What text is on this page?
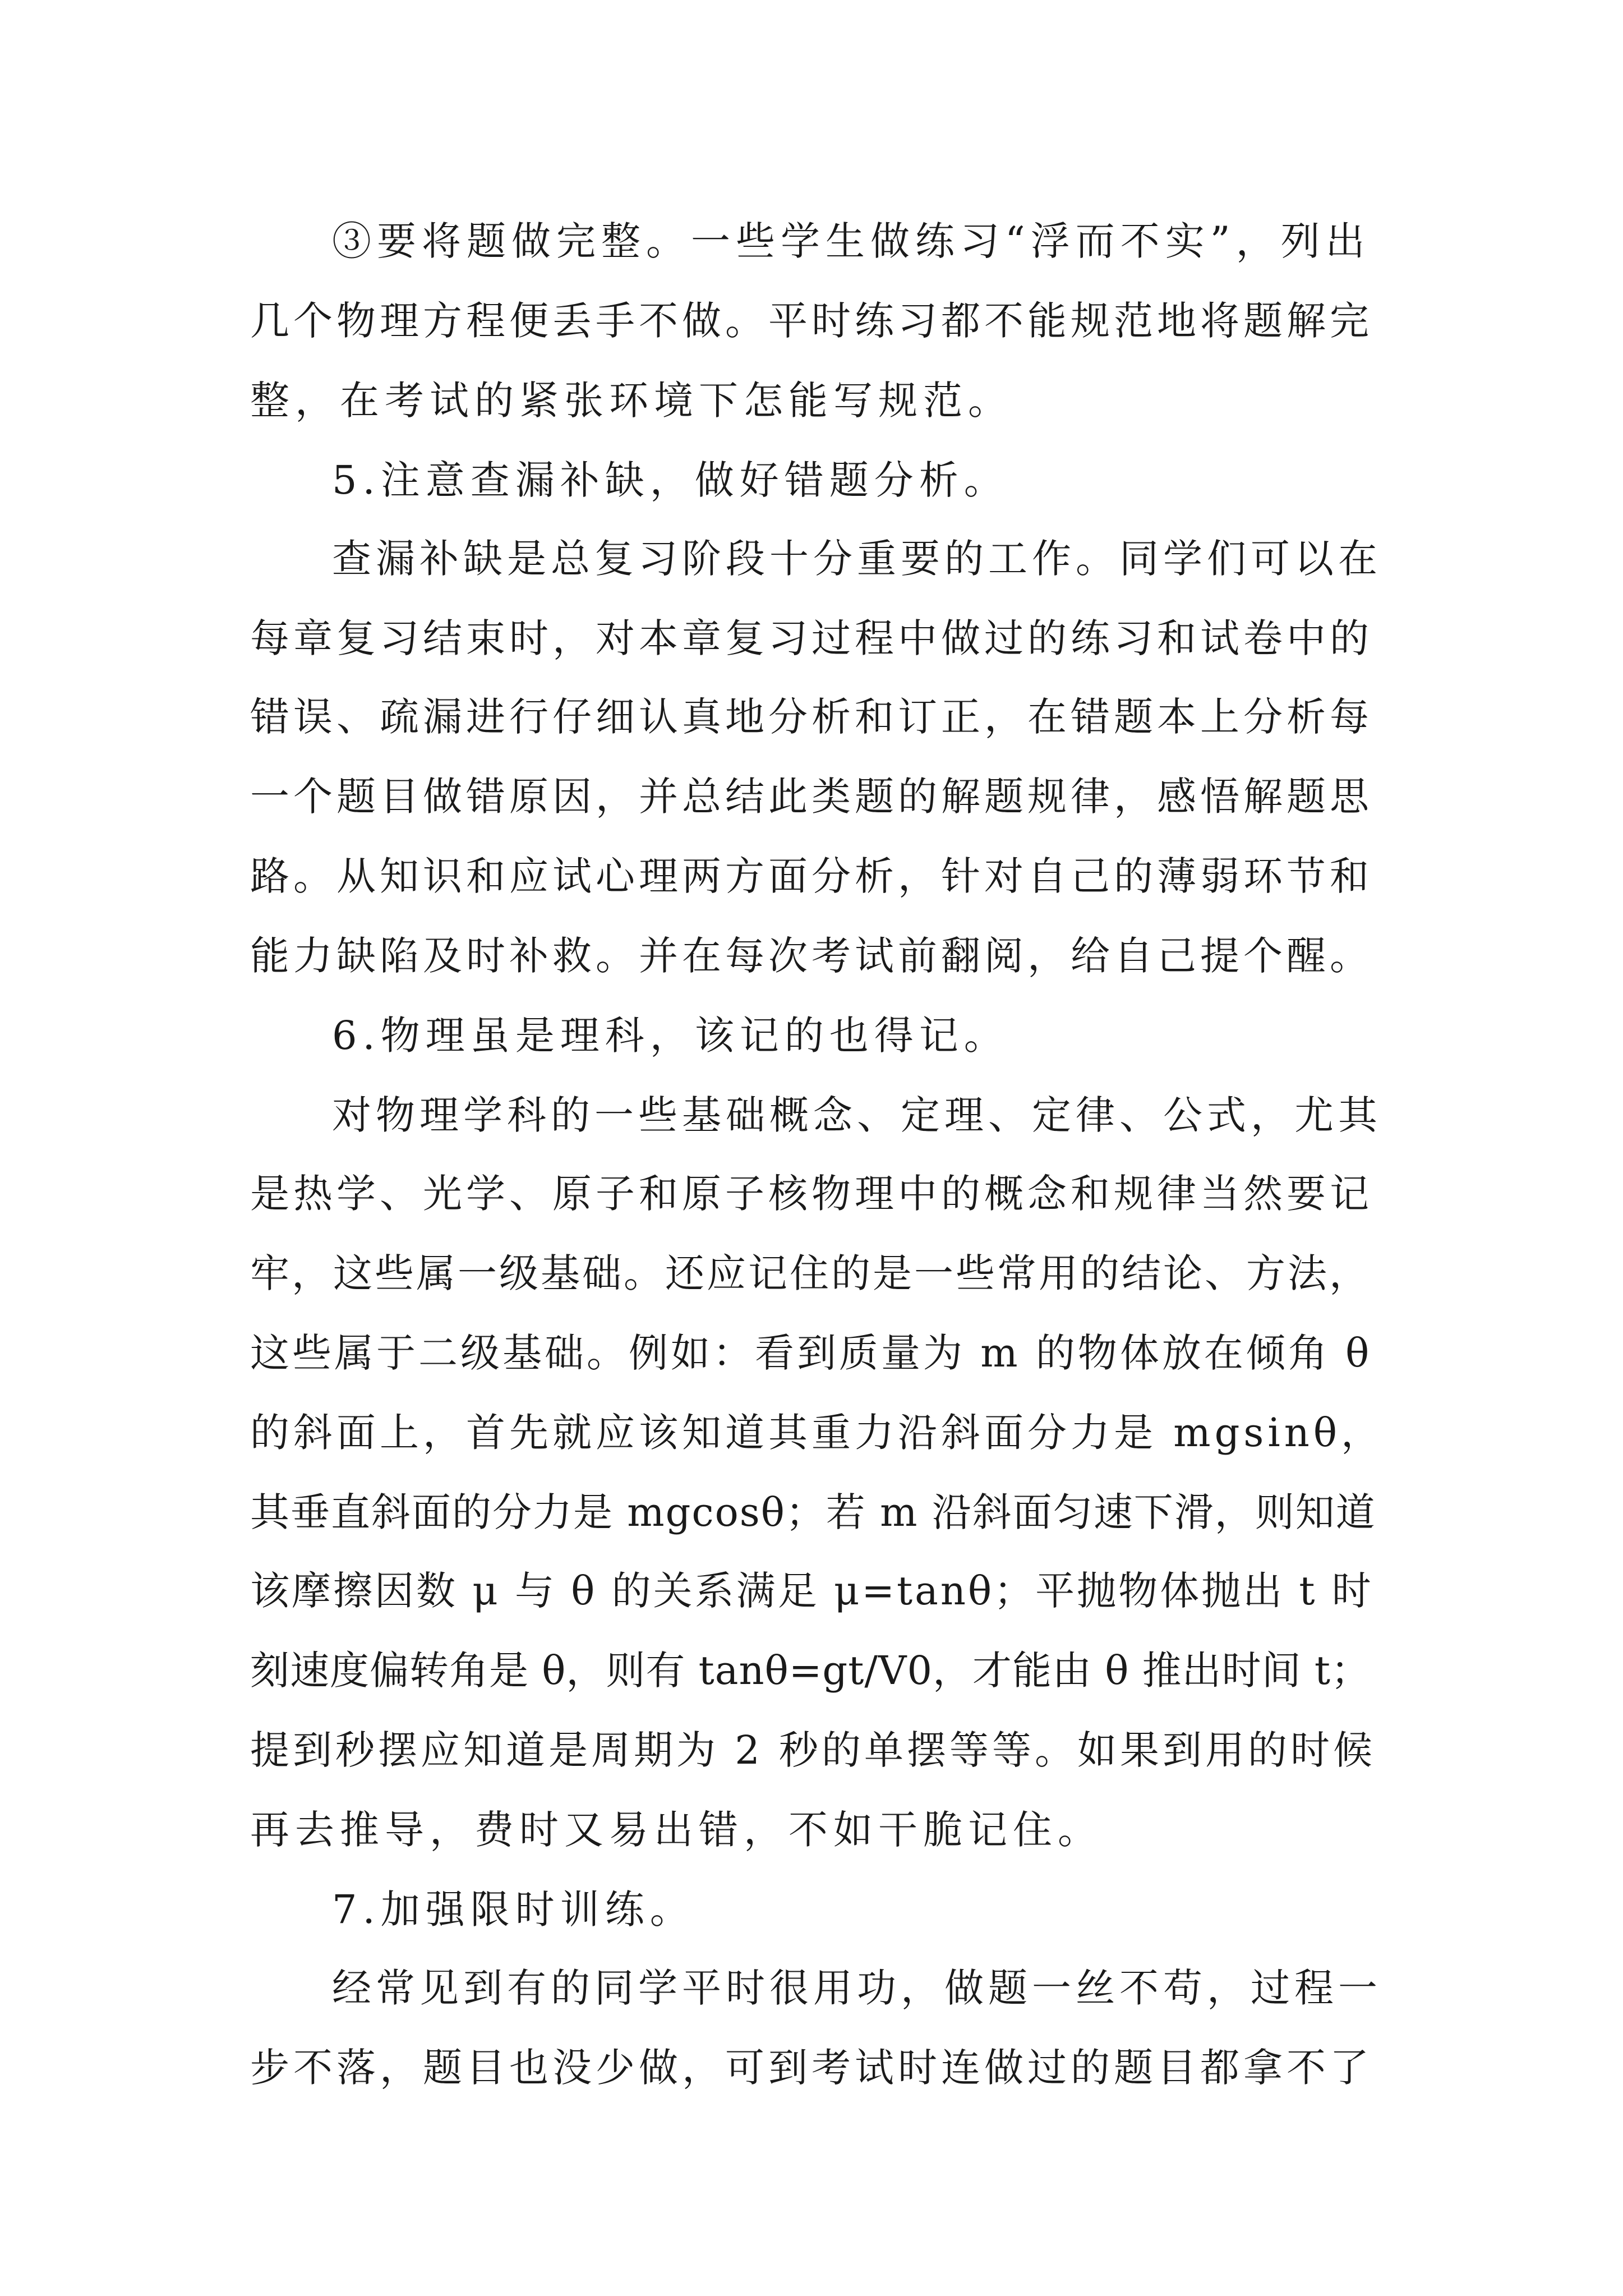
③要将题做完整。一些学生做练习“浮而不实”，列出
几个物理方程便丢手不做。平时练习都不能规范地将题解完
整，在考试的紧张环境下怎能写规范。
5.注意查漏补缺，做好错题分析。
查漏补缺是总复习阶段十分重要的工作。同学们可以在
每章复习结束时，对本章复习过程中做过的练习和试卷中的
错误、疏漏进行仔细认真地分析和订正，在错题本上分析每
一个题目做错原因，并总结此类题的解题规律，感悟解题思
路。从知识和应试心理两方面分析，针对自己的薄弱环节和
能力缺陷及时补救。并在每次考试前翻阅，给自己提个醒。
6.物理虽是理科，该记的也得记。
对物理学科的一些基础概念、定理、定律、公式，尤其
是热学、光学、原子和原子核物理中的概念和规律当然要记
牢，这些属一级基础。还应记住的是一些常用的结论、方法，
这些属于二级基础。例如：看到质量为 m 的物体放在倾角 θ
的斜面上，首先就应该知道其重力沿斜面分力是 mgsinθ，
其垂直斜面的分力是 mgcosθ；若 m 沿斜面匀速下滑，则知道
该摩擦因数 μ 与 θ 的关系满足 μ=tanθ；平抛物体抛出 t 时
刻速度偏转角是 θ，则有 tanθ=gt/V0，才能由 θ 推出时间 t；
提到秒摆应知道是周期为 2 秒的单摆等等。如果到用的时候
再去推导，费时又易出错，不如干脆记住。
7.加强限时训练。
经常见到有的同学平时很用功，做题一丝不苟，过程一
步不落，题目也没少做，可到考试时连做过的题目都拿不了
